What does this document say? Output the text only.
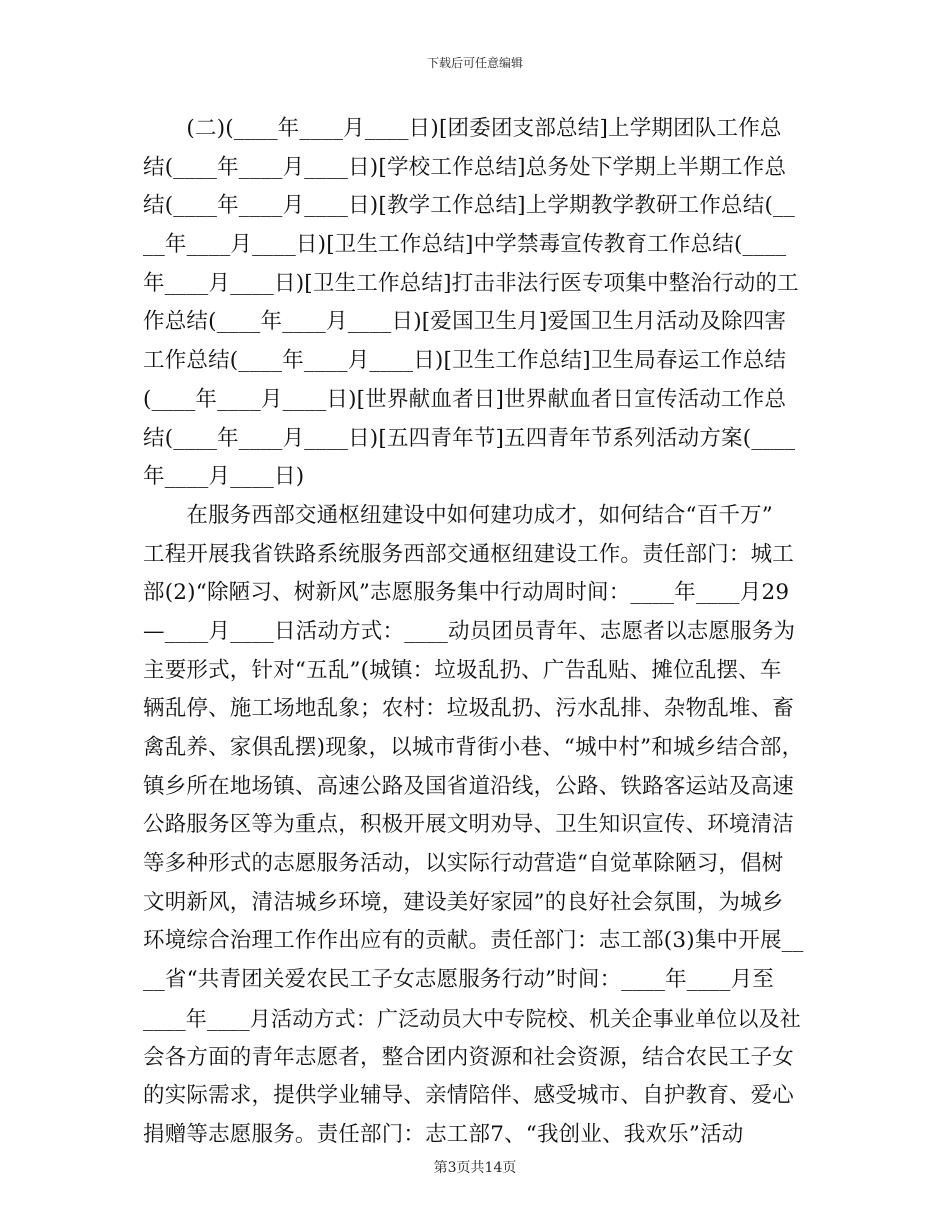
下载后可任意编辑
　　(二)(____年____月____日)[团委团支部总结]上学期团队工作总
结(____年____月____日)[学校工作总结]总务处下学期上半期工作总
结(____年____月____日)[教学工作总结]上学期教学教研工作总结(__
__年____月____日)[卫生工作总结]中学禁毒宣传教育工作总结(____
年____月____日)[卫生工作总结]打击非法行医专项集中整治行动的工
作总结(____年____月____日)[爱国卫生月]爱国卫生月活动及除四害
工作总结(____年____月____日)[卫生工作总结]卫生局春运工作总结
(____年____月____日)[世界献血者日]世界献血者日宣传活动工作总
结(____年____月____日)[五四青年节]五四青年节系列活动方案(____
年____月____日)
　　在服务西部交通枢纽建设中如何建功成才，如何结合“百千万”
工程开展我省铁路系统服务西部交通枢纽建设工作。责任部门：城工
部(2)“除陋习、树新风”志愿服务集中行动周时间：____年____月29
—____月____日活动方式：____动员团员青年、志愿者以志愿服务为
主要形式，针对“五乱”(城镇：垃圾乱扔、广告乱贴、摊位乱摆、车
辆乱停、施工场地乱象；农村：垃圾乱扔、污水乱排、杂物乱堆、畜
禽乱养、家俱乱摆)现象，以城市背街小巷、“城中村”和城乡结合部，
镇乡所在地场镇、高速公路及国省道沿线，公路、铁路客运站及高速
公路服务区等为重点，积极开展文明劝导、卫生知识宣传、环境清洁
等多种形式的志愿服务活动，以实际行动营造“自觉革除陋习，倡树
文明新风，清洁城乡环境，建设美好家园”的良好社会氛围，为城乡
环境综合治理工作作出应有的贡献。责任部门：志工部(3)集中开展__
__省“共青团关爱农民工子女志愿服务行动”时间：____年____月至
____年____月活动方式：广泛动员大中专院校、机关企事业单位以及社
会各方面的青年志愿者，整合团内资源和社会资源，结合农民工子女
的实际需求，提供学业辅导、亲情陪伴、感受城市、自护教育、爱心
捐赠等志愿服务。责任部门：志工部7、“我创业、我欢乐”活动
第3页共14页
